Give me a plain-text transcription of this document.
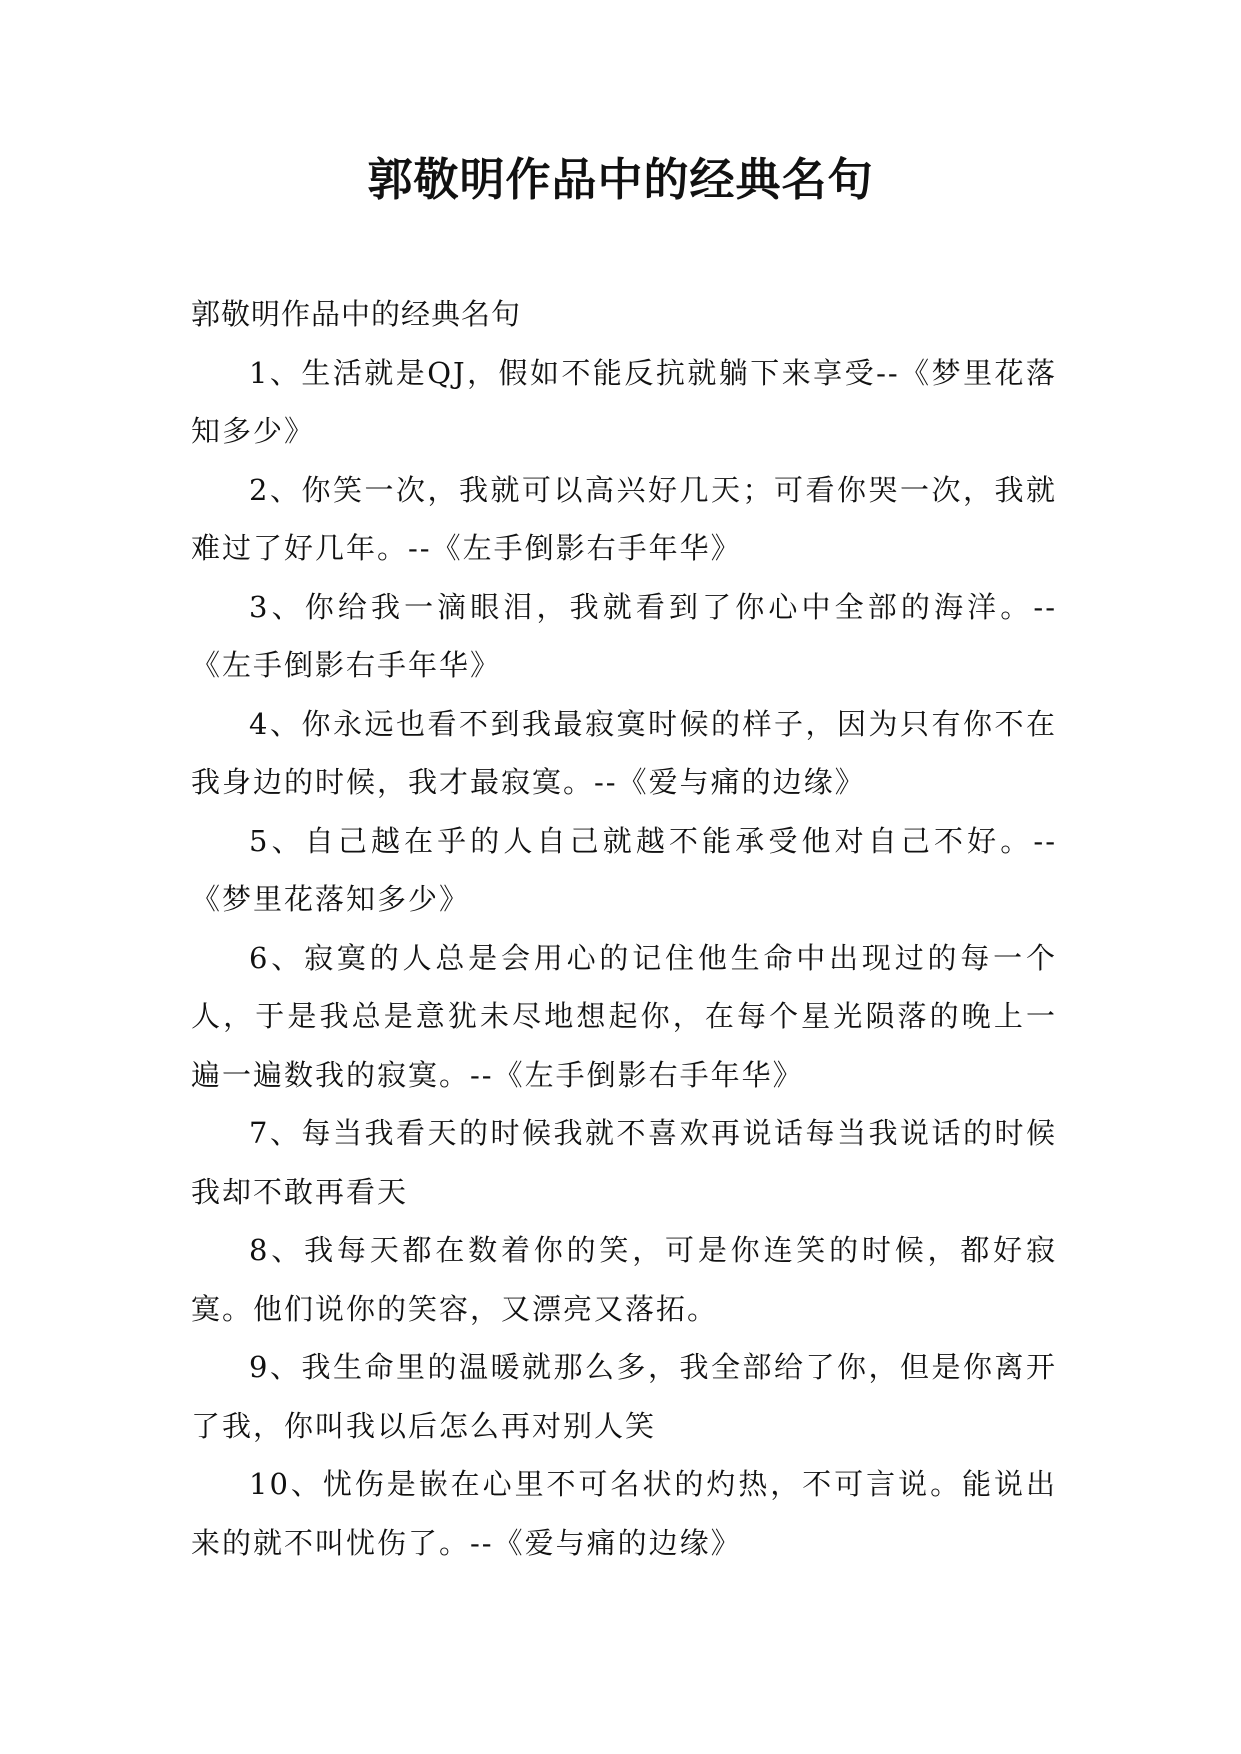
郭敬明作品中的经典名句

郭敬明作品中的经典名句

1、生活就是QJ，假如不能反抗就躺下来享受--《梦里花落知多少》

2、你笑一次，我就可以高兴好几天；可看你哭一次，我就难过了好几年。--《左手倒影右手年华》

3、你给我一滴眼泪，我就看到了你心中全部的海洋。--《左手倒影右手年华》

4、你永远也看不到我最寂寞时候的样子，因为只有你不在我身边的时候，我才最寂寞。--《爱与痛的边缘》

5、自己越在乎的人自己就越不能承受他对自己不好。--《梦里花落知多少》

6、寂寞的人总是会用心的记住他生命中出现过的每一个人，于是我总是意犹未尽地想起你，在每个星光陨落的晚上一遍一遍数我的寂寞。--《左手倒影右手年华》

7、每当我看天的时候我就不喜欢再说话每当我说话的时候我却不敢再看天

8、我每天都在数着你的笑，可是你连笑的时候，都好寂寞。他们说你的笑容，又漂亮又落拓。

9、我生命里的温暖就那么多，我全部给了你，但是你离开了我，你叫我以后怎么再对别人笑

10、忧伤是嵌在心里不可名状的灼热，不可言说。能说出来的就不叫忧伤了。--《爱与痛的边缘》
